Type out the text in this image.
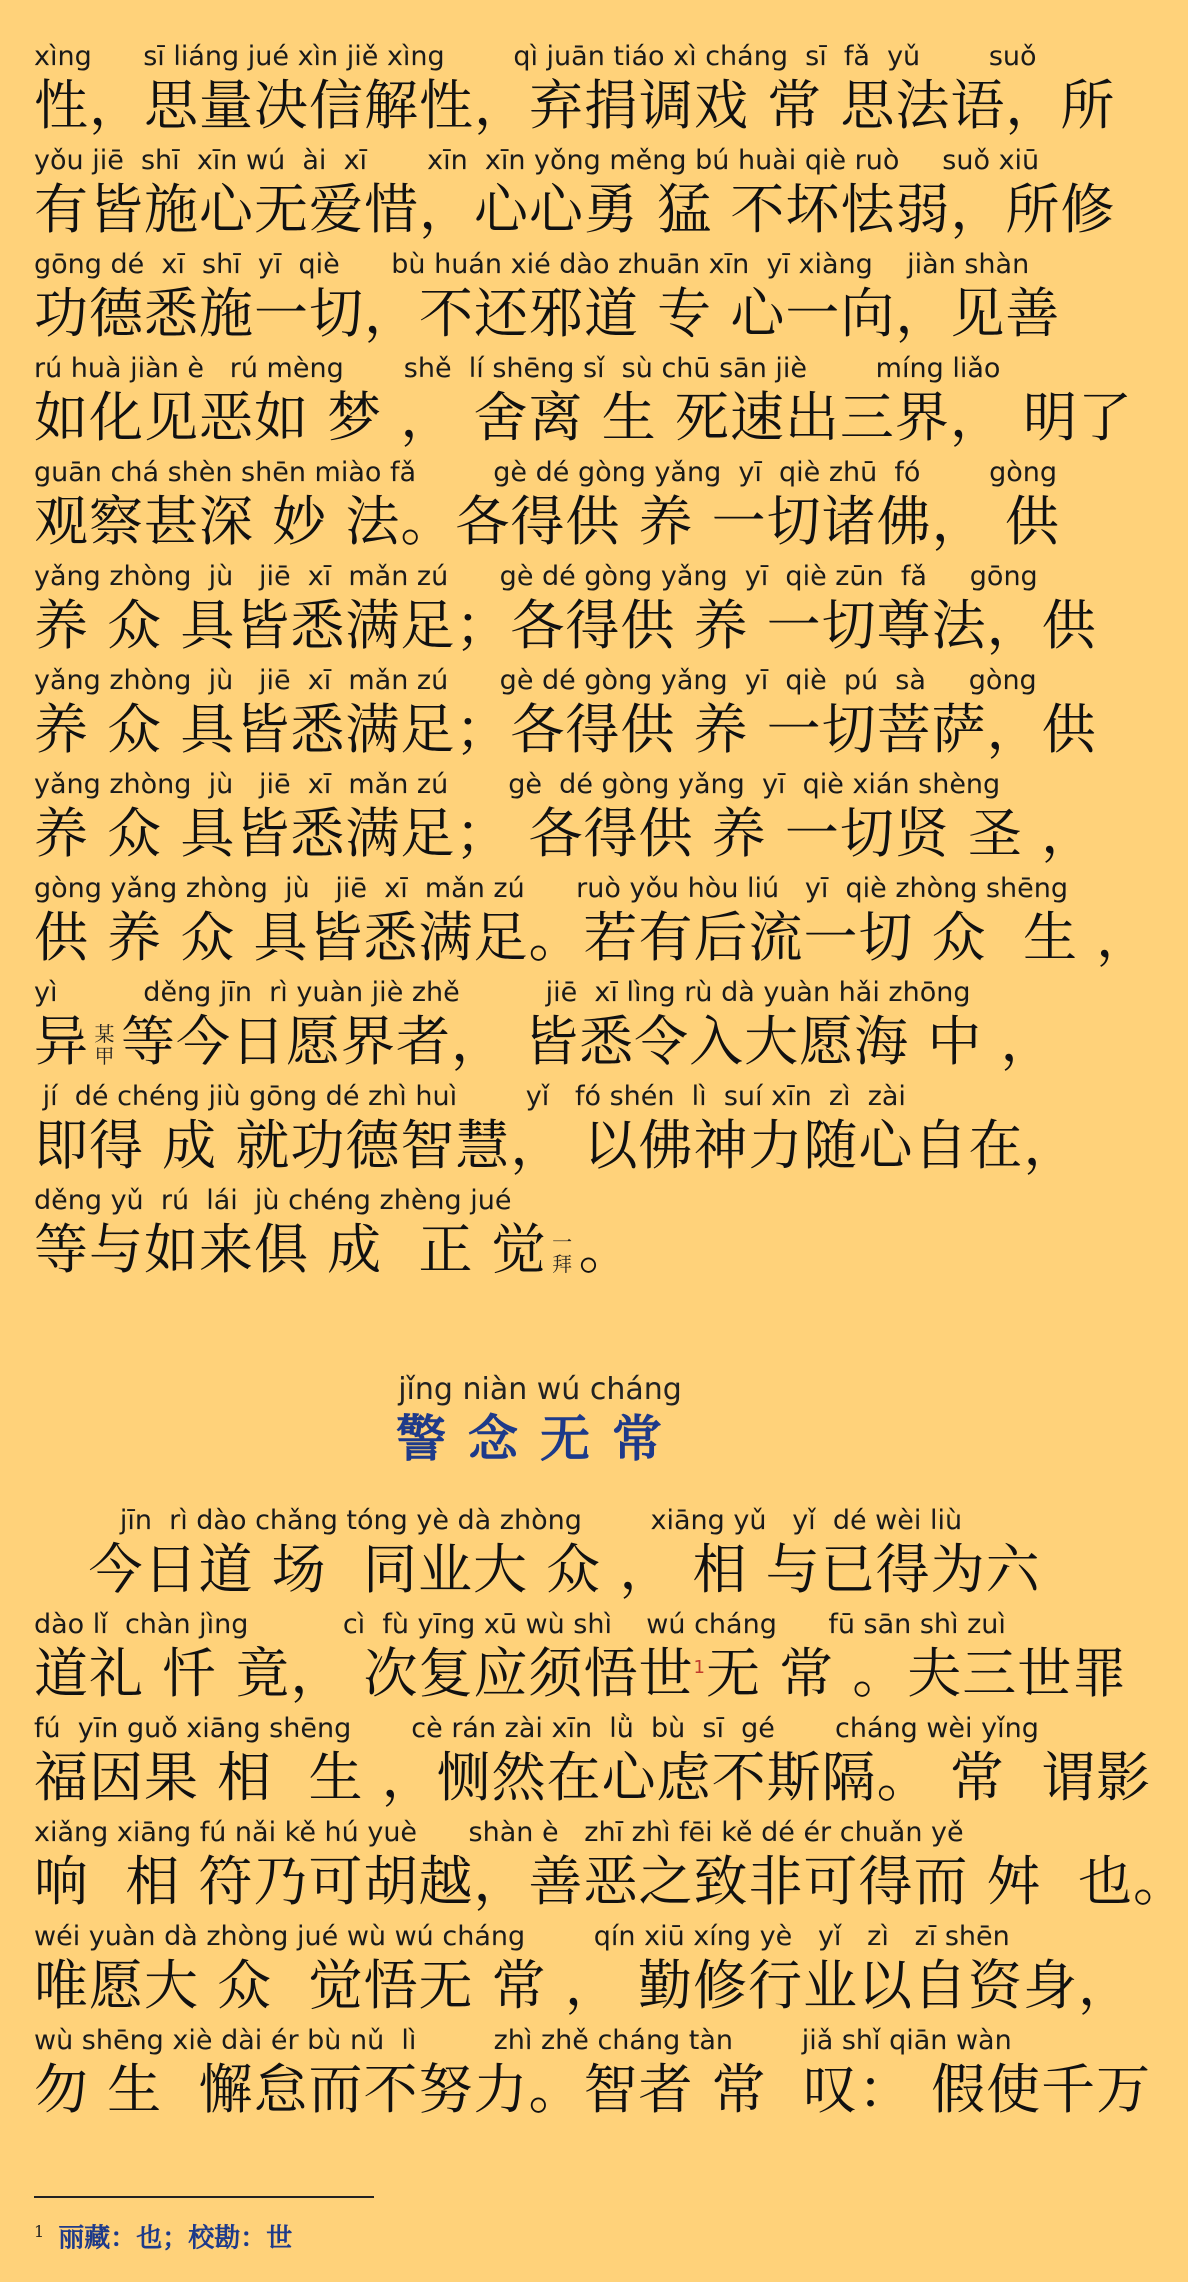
xìng      sī liáng jué xìn jiě xìng        qì juān tiáo xì cháng  sī  fǎ  yǔ        suǒ
性，思量决信解性，弃捐调戏 常 思法语，所
yǒu jiē  shī  xīn wú  ài  xī       xīn  xīn yǒng měng bú huài qiè ruò     suǒ xiū
有皆施心无爱惜，心心勇 猛 不坏怯弱，所修
gōng dé  xī  shī  yī  qiè      bù huán xié dào zhuān xīn  yī xiàng    jiàn shàn
功德悉施一切，不还邪道 专 心一向，见善
rú huà jiàn è   rú mèng       shě  lí shēng sǐ  sù chū sān jiè        míng liǎo
如化见恶如 梦 ， 舍离 生 死速出三界， 明了
guān chá shèn shēn miào fǎ         gè dé gòng yǎng  yī  qiè zhū  fó        gòng
观察甚深 妙 法。各得供 养 一切诸佛， 供
yǎng zhòng  jù   jiē  xī  mǎn zú      gè dé gòng yǎng  yī  qiè zūn  fǎ     gōng
养 众 具皆悉满足；各得供 养 一切尊法，供
yǎng zhòng  jù   jiē  xī  mǎn zú      gè dé gòng yǎng  yī  qiè  pú  sà     gòng
养 众 具皆悉满足；各得供 养 一切菩萨，供
yǎng zhòng  jù   jiē  xī  mǎn zú       gè  dé gòng yǎng  yī  qiè xián shèng
养 众 具皆悉满足； 各得供 养 一切贤 圣 ，
gòng yǎng zhòng  jù   jiē  xī  mǎn zú      ruò yǒu hòu liú   yī  qiè zhòng shēng
供 养 众 具皆悉满足。若有后流一切 众  生 ，
yì          děng jīn  rì yuàn jiè zhě          jiē  xī lìng rù dà yuàn hǎi zhōng
异 某甲 等今日愿界者， 皆悉令入大愿海 中 ，
jí  dé chéng jiù gōng dé zhì huì        yǐ   fó shén  lì  suí xīn  zì  zài
即得 成 就功德智慧， 以佛神力随心自在，
děng yǔ  rú  lái  jù chéng zhèng jué
等与如来俱 成  正 觉 一拜 。
jǐng niàn wú cháng
警念无常
jīn  rì dào chǎng tóng yè dà zhòng        xiāng yǔ   yǐ  dé wèi liù
今日道 场  同业大 众 ， 相 与已得为六
dào lǐ  chàn jìng           cì  fù yīng xū wù shì    wú cháng      fū sān shì zuì
道礼 忏 竟， 次复应须悟世$^1$无 常 。夫三世罪
fú  yīn guǒ xiāng shēng       cè rán zài xīn  lǜ  bù  sī  gé       cháng wèi yǐng
福因果 相  生 ，恻然在心虑不斯隔。 常  谓影
xiǎng xiāng fú nǎi kě hú yuè      shàn è   zhī zhì fēi kě dé ér chuǎn yě
响  相 符乃可胡越，善恶之致非可得而 舛  也。
wéi yuàn dà zhòng jué wù wú cháng        qín xiū xíng yè   yǐ   zì   zī shēn
唯愿大 众  觉悟无 常 ， 勤修行业以自资身，
wù shēng xiè dài ér bù nǔ  lì         zhì zhě cháng tàn        jiǎ shǐ qiān wàn
勿 生  懈怠而不努力。智者 常  叹： 假使千万
$^1$ 丽藏：也；校勘：世
